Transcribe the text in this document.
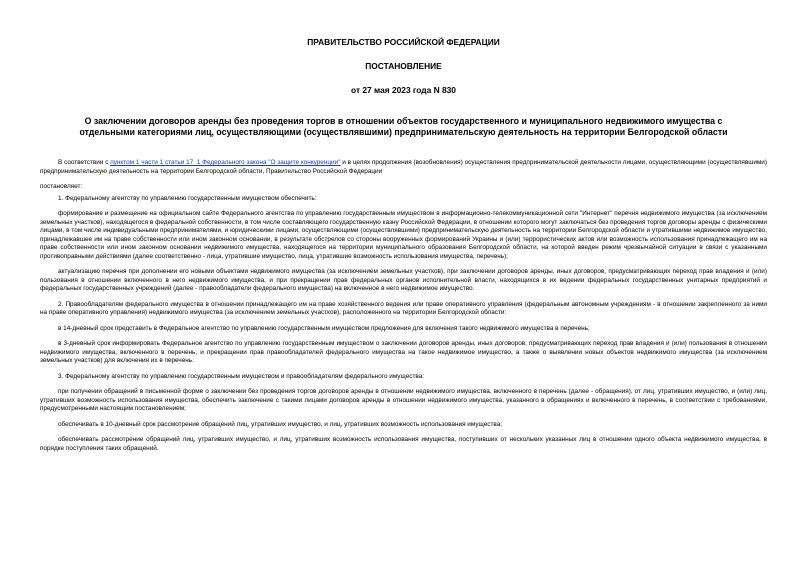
ПРАВИТЕЛЬСТВО РОССИЙСКОЙ ФЕДЕРАЦИИ

ПОСТАНОВЛЕНИЕ

от 27 мая 2023 года N 830

О заключении договоров аренды без проведения торгов в отношении объектов государственного и муниципального недвижимого имущества с отдельными категориями лиц, осуществляющими (осуществлявшими) предпринимательскую деятельность на территории Белгородской области

В соответствии с пунктом 1 части 1 статьи 17_1 Федерального закона "О защите конкуренции" и в целях продолжения (возобновления) осуществления предпринимательской деятельности лицами, осуществляющими (осуществлявшими) предпринимательскую деятельность на территории Белгородской области, Правительство Российской Федерации

постановляет:

1. Федеральному агентству по управлению государственным имуществом обеспечить:

формирование и размещение на официальном сайте Федерального агентства по управлению государственным имуществом в информационно-телекоммуникационной сети "Интернет" перечня недвижимого имущества (за исключением земельных участков), находящегося в федеральной собственности, в том числе составляющего государственную казну Российской Федерации, в отношении которого могут заключаться без проведения торгов договоры аренды с физическими лицами, в том числе индивидуальными предпринимателями, и юридическими лицами, осуществляющими (осуществлявшими) предпринимательскую деятельность на территории Белгородской области и утратившими недвижимое имущество, принадлежавшее им на праве собственности или ином законном основании, в результате обстрелов со стороны вооруженных формирований Украины и (или) террористических актов или возможность использования принадлежащего им на праве собственности или ином законном основании недвижимого имущества, находящегося на территории муниципального образования Белгородской области, на которой введен режим чрезвычайной ситуации в связи с указанными противоправными действиями (далее соответственно - лица, утратившие имущество, лица, утратившие возможность использования имущества, перечень);

актуализацию перечня при дополнении его новыми объектами недвижимого имущества (за исключением земельных участков), при заключении договоров аренды, иных договоров, предусматривающих переход прав владения и (или) пользования в отношении включенного в него недвижимого имущества, и при прекращении прав федеральных органов исполнительной власти, находящихся в их ведении федеральных государственных унитарных предприятий и федеральных государственных учреждений (далее - правообладатели федерального имущества) на включенное в него недвижимое имущество.

2. Правообладателям федерального имущества в отношении принадлежащего им на праве хозяйственного ведения или праве оперативного управления (федеральным автономным учреждениям - в отношении закрепленного за ними на праве оперативного управления) недвижимого имущества (за исключением земельных участков), расположенного на территории Белгородской области:

в 14-дневный срок представить в Федеральное агентство по управлению государственным имуществом предложения для включения такого недвижимого имущества в перечень;

в 3-дневный срок информировать Федеральное агентство по управлению государственным имуществом о заключении договоров аренды, иных договоров, предусматривающих переход прав владения и (или) пользования в отношении недвижимого имущества, включенного в перечень, и прекращении прав правообладателей федерального имущества на такое недвижимое имущество, а также о выявлении новых объектов недвижимого имущества (за исключением земельных участков) для включения их в перечень.

3. Федеральному агентству по управлению государственным имуществом и правообладателям федерального имущества:

при получении обращений в письменной форме о заключении без проведения торгов договоров аренды в отношении недвижимого имущества, включенного в перечень (далее - обращения), от лиц, утративших имущество, и (или) лиц, утративших возможность использования имущества, обеспечить заключение с такими лицами договоров аренды в отношении недвижимого имущества, указанного в обращениях и включенного в перечень, в соответствии с требованиями, предусмотренными настоящим постановлением;

обеспечивать в 10-дневный срок рассмотрение обращений лиц, утративших имущество, и лиц, утративших возможность использования имущества;

обеспечивать рассмотрение обращений лиц, утративших имущество, и лиц, утративших возможность использования имущества, поступивших от нескольких указанных лиц в отношении одного объекта недвижимого имущества, в порядке поступления таких обращений.
